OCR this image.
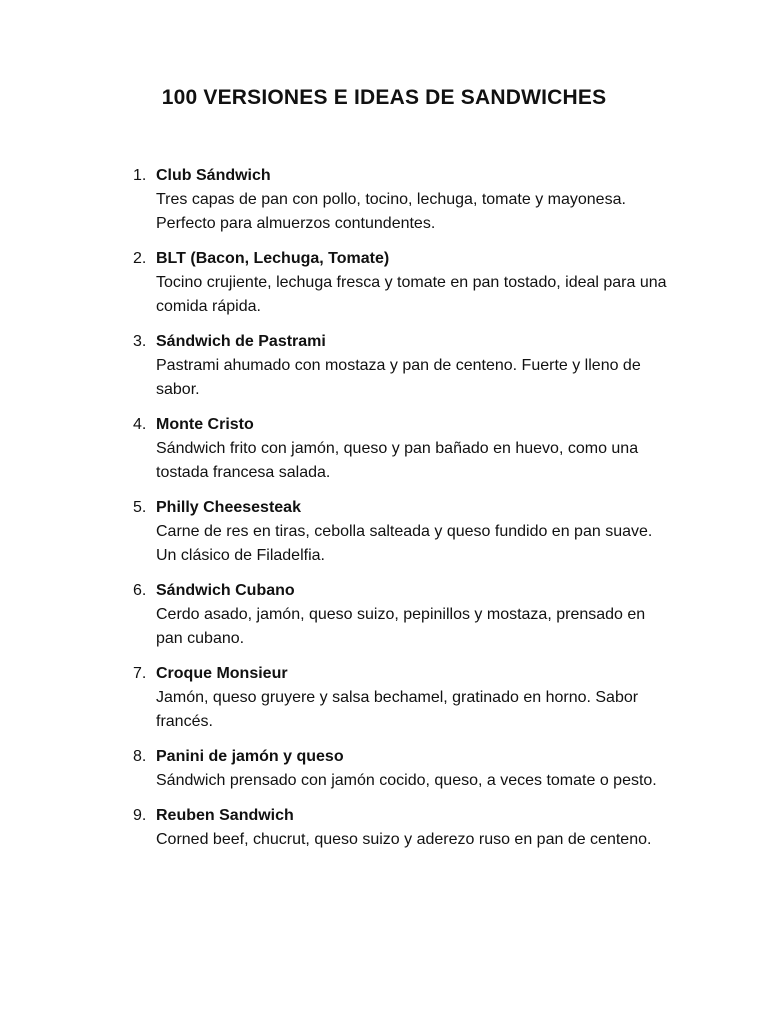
100 VERSIONES E IDEAS DE SANDWICHES
1. Club Sándwich
Tres capas de pan con pollo, tocino, lechuga, tomate y mayonesa. Perfecto para almuerzos contundentes.
2. BLT (Bacon, Lechuga, Tomate)
Tocino crujiente, lechuga fresca y tomate en pan tostado, ideal para una comida rápida.
3. Sándwich de Pastrami
Pastrami ahumado con mostaza y pan de centeno. Fuerte y lleno de sabor.
4. Monte Cristo
Sándwich frito con jamón, queso y pan bañado en huevo, como una tostada francesa salada.
5. Philly Cheesesteak
Carne de res en tiras, cebolla salteada y queso fundido en pan suave. Un clásico de Filadelfia.
6. Sándwich Cubano
Cerdo asado, jamón, queso suizo, pepinillos y mostaza, prensado en pan cubano.
7. Croque Monsieur
Jamón, queso gruyere y salsa bechamel, gratinado en horno. Sabor francés.
8. Panini de jamón y queso
Sándwich prensado con jamón cocido, queso, a veces tomate o pesto.
9. Reuben Sandwich
Corned beef, chucrut, queso suizo y aderezo ruso en pan de centeno.
